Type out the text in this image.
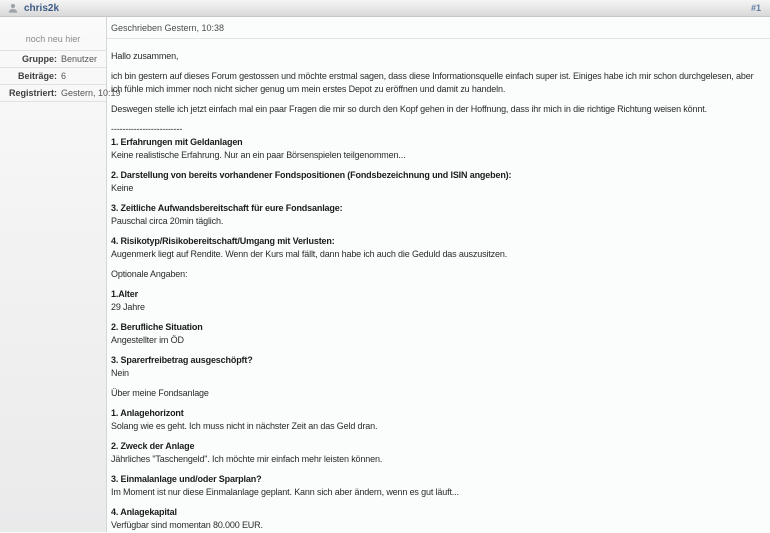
chris2k	#1
noch neu hier
Gruppe: Benutzer
Beiträge: 6
Registriert: Gestern, 10:19
Geschrieben Gestern, 10:38
Hallo zusammen,
ich bin gestern auf dieses Forum gestossen und möchte erstmal sagen, dass diese Informationsquelle einfach super ist. Einiges habe ich mir schon durchgelesen, aber ich fühle mich immer noch nicht sicher genug um mein erstes Depot zu eröffnen und damit zu handeln.
Deswegen stelle ich jetzt einfach mal ein paar Fragen die mir so durch den Kopf gehen in der Hoffnung, dass ihr mich in die richtige Richtung weisen könnt.
-------------------------
1. Erfahrungen mit Geldanlagen
Keine realistische Erfahrung. Nur an ein paar Börsenspielen teilgenommen...
2. Darstellung von bereits vorhandener Fondspositionen (Fondsbezeichnung und ISIN angeben):
Keine
3. Zeitliche Aufwandsbereitschaft für eure Fondsanlage:
Pauschal circa 20min täglich.
4. Risikotyp/Risikobereitschaft/Umgang mit Verlusten:
Augenmerk liegt auf Rendite. Wenn der Kurs mal fällt, dann habe ich auch die Geduld das auszusitzen.
Optionale Angaben:
1.Alter
29 Jahre
2. Berufliche Situation
Angestellter im ÖD
3. Sparerfreibetrag ausgeschöpft?
Nein
Über meine Fondsanlage
1. Anlagehorizont
Solang wie es geht. Ich muss nicht in nächster Zeit an das Geld dran.
2. Zweck der Anlage
Jährliches "Taschengeld". Ich möchte mir einfach mehr leisten können.
3. Einmalanlage und/oder Sparplan?
Im Moment ist nur diese Einmalanlage geplant. Kann sich aber ändern, wenn es gut läuft...
4. Anlagekapital
Verfügbar sind momentan 80.000 EUR.
